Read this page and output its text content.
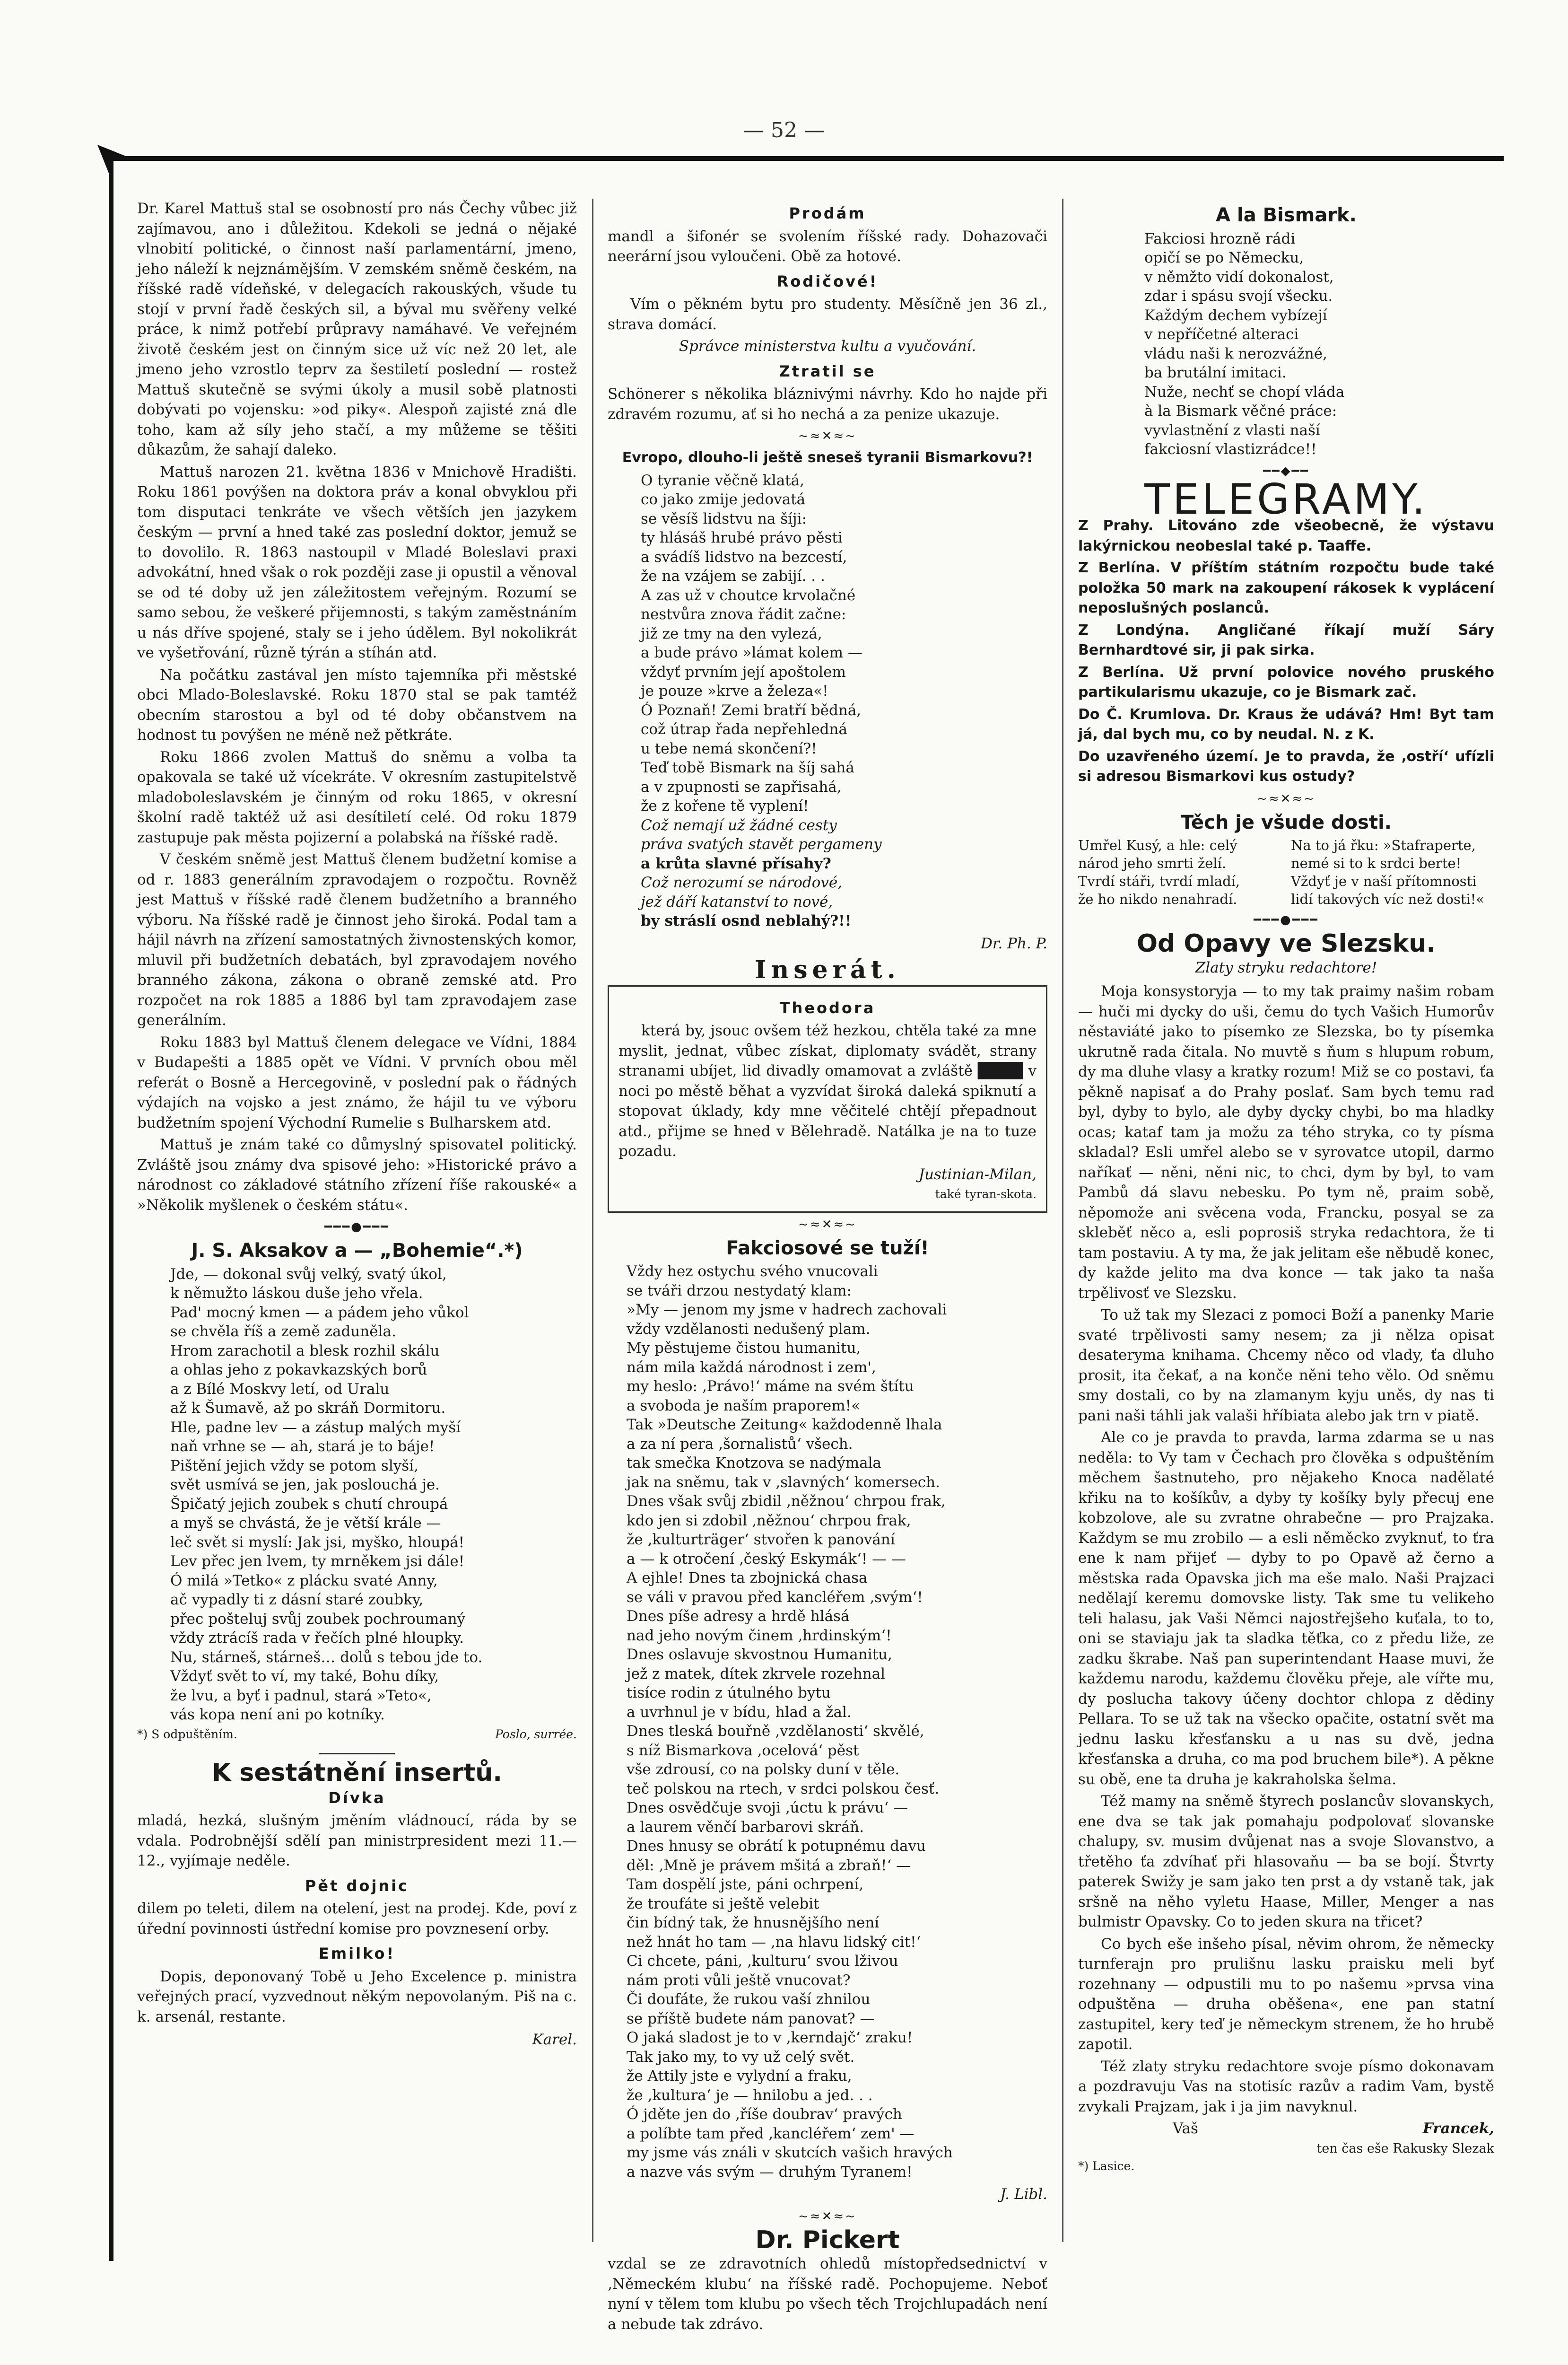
— 52 —

Dr. Karel Mattuš stal se osobností pro nás Čechy vůbec již zajímavou, ano i důležitou. Kdekoli se jedná o nějaké vlnobití politické, o činnost naší parlamentární, jmeno, jeho náleží k nejznámějším. V zemském sněmě českém, na říšské radě vídeňské, v delegacích rakouských, všude tu stojí v první řadě českých sil, a býval mu svěřeny velké práce, k nimž potřebí průpravy namáhavé. Ve veřejném životě českém jest on činným sice už víc než 20 let, ale jmeno jeho vzrostlo teprv za šestiletí poslední — rostež Mattuš skutečně se svými úkoly a musil sobě platnosti dobývati po vojensku: »od piky«. Alespoň zajisté zná dle toho, kam až síly jeho stačí, a my můžeme se těšiti důkazům, že sahají daleko.

Mattuš narozen 21. května 1836 v Mnichově Hradišti. Roku 1861 povýšen na doktora práv a konal obvyklou při tom disputaci tenkráte ve všech větších jen jazykem českým — první a hned také zas poslední doktor, jemuž se to dovolilo. R. 1863 nastoupil v Mladé Boleslavi praxi advokátní, hned však o rok později zase ji opustil a věnoval se od té doby už jen záležitostem veřejným. Rozumí se samo sebou, že veškeré přijemnosti, s takým zaměstnáním u nás dříve spojené, staly se i jeho údělem. Byl nokolikrát ve vyšetřování, různě týrán a stíhán atd.

Na počátku zastával jen místo tajemníka při městské obci Mlado-Boleslavské. Roku 1870 stal se pak tamtéž obecním starostou a byl od té doby občanstvem na hodnost tu povýšen ne méně než pětkráte.

Roku 1866 zvolen Mattuš do sněmu a volba ta opakovala se také už vícekráte. V okresním zastupitelstvě mladoboleslavském je činným od roku 1865, v okresní školní radě taktéž už asi desítiletí celé. Od roku 1879 zastupuje pak města pojizerní a polabská na říšské radě.

V českém sněmě jest Mattuš členem budžetní komise a od r. 1883 generálním zpravodajem o rozpočtu. Rovněž jest Mattuš v říšské radě členem budžetního a branného výboru. Na říšské radě je činnost jeho široká. Podal tam a hájil návrh na zřízení samostatných živnostenských komor, mluvil při budžetních debatách, byl zpravodajem nového branného zákona, zákona o obraně zemské atd. Pro rozpočet na rok 1885 a 1886 byl tam zpravodajem zase generálním.

Roku 1883 byl Mattuš členem delegace ve Vídni, 1884 v Budapešti a 1885 opět ve Vídni. V prvních obou měl referát o Bosně a Hercegovině, v poslední pak o řádných výdajích na vojsko a jest známo, že hájil tu ve výboru budžetním spojení Východní Rumelie s Bulharskem atd.

Mattuš je znám také co důmyslný spisovatel politický. Zvláště jsou známy dva spisové jeho: »Historické právo a národnost co základové státního zřízení říše rakouské« a »Několik myšlenek o českém státu«.

━━━●━━━
J. S. Aksakov a — „Bohemie“.*)
Jde, — dokonal svůj velký, svatý úkol,
k němužto láskou duše jeho vřela.
Pad' mocný kmen — a pádem jeho vůkol
se chvěla říš a země zaduněla.
Hrom zarachotil a blesk rozhil skálu
a ohlas jeho z pokavkazských borů
a z Bílé Moskvy letí, od Uralu
až k Šumavě, až po skráň Dormitoru.
Hle, padne lev — a zástup malých myší
naň vrhne se — ah, stará je to báje!
Pištění jejich vždy se potom slyší,
svět usmívá se jen, jak poslouchá je.
Špičatý jejich zoubek s chutí chroupá
a myš se chvástá, že je větší krále —
leč svět si myslí: Jak jsi, myško, hloupá!
Lev přec jen lvem, ty mrněkem jsi dále!
Ó milá »Tetko« z plácku svaté Anny,
ač vypadly ti z dásní staré zoubky,
přec pošteluj svůj zoubek pochroumaný
vždy ztrácíš rada v řečích plné hloupky.
Nu, stárneš, stárneš… dolů s tebou jde to.
Vždyť svět to ví, my také, Bohu díky,
že lvu, a byť i padnul, stará »Teto«,
vás kopa není ani po kotníky.
*) S odpuštěním.	Poslo, surrée.
K sestátnění insertů.
Dívka

mladá, hezká, slušným jměním vládnoucí, ráda by se vdala. Podrobnější sdělí pan ministrpresident mezi 11.—12., vyjímaje neděle.

Pět dojnic

dilem po teleti, dilem na otelení, jest na prodej. Kde, poví z úřední povinnosti ústřední komise pro povznesení orby.

Emilko!

Dopis, deponovaný Tobě u Jeho Excelence p. ministra veřejných prací, vyzvednout někým nepovolaným. Piš na c. k. arsenál, restante.

Karel.
Prodám

mandl a šifonér se svolením říšské rady. Dohazovači neerární jsou vyloučeni. Obě za hotové.

Rodičové!

Vím o pěkném bytu pro studenty. Měsíčně jen 36 zl., strava domácí.

Správce ministerstva kultu a vyučování.
Ztratil se

Schönerer s několika bláznivými návrhy. Kdo ho najde při zdravém rozumu, ať si ho nechá a za penize ukazuje.

~≈✕≈~
Evropo, dlouho-li ještě sneseš tyranii Bismarkovu?!
O tyranie věčně klatá,
co jako zmije jedovatá
se věsíš lidstvu na šíji:
ty hlásáš hrubé právo pěsti
a svádíš lidstvo na bezcestí,
že na vzájem se zabijí. . .
A zas už v choutce krvolačné
nestvůra znova řádit začne:
již ze tmy na den vylezá,
a bude právo »lámat kolem —
vždyť prvním její apoštolem
je pouze »krve a železa«!
Ó Poznaň! Zemi bratří bědná,
což útrap řada nepřehledná
u tebe nemá skončení?!
Teď tobě Bismark na šíj sahá
a v zpupnosti se zapřisahá,
že z kořene tě vyplení!
Což nemají už žádné cesty
práva svatých stavět pergameny
a krůta slavné přísahy?
Což nerozumí se národové,
jež dáří katanství to nové,
by stráslí osnd neblahý?!!
Dr. Ph. P.
Inserát.
Theodora

která by, jsouc ovšem též hezkou, chtěla také za mne myslit, jednat, vůbec získat, diplomaty svádět, strany stranami ubíjet, lid divadly omamovat a zvláště ████ v noci po městě běhat a vyzvídat široká daleká spiknutí a stopovat úklady, kdy mne věčitelé chtějí přepadnout atd., přijme se hned v Bělehradě. Natálka je na to tuze pozadu.

Justinian-Milan,
také tyran-skota.
~≈✕≈~
Fakciosové se tuží!
Vždy hez ostychu svého vnucovali
se tváři drzou nestydatý klam:
»My — jenom my jsme v hadrech zachovali
vždy vzdělanosti nedušený plam.
My pěstujeme čistou humanitu,
nám mila každá národnost i zem',
my heslo: ‚Právo!‘ máme na svém štítu
a svoboda je naším praporem!«
Tak »Deutsche Zeitung« každodenně lhala
a za ní pera ‚šornalistů‘ všech.
tak smečka Knotzova se nadýmala
jak na sněmu, tak v ‚slavných‘ komersech.
Dnes však svůj zbidil ‚něžnou‘ chrpou frak,
kdo jen si zdobil ‚něžnou‘ chrpou frak,
že ‚kulturträger‘ stvořen k panování
a — k otročení ‚český Eskymák‘! — —
A ejhle! Dnes ta zbojnická chasa
se váli v pravou před kancléřem ‚svým‘!
Dnes píše adresy a hrdě hlásá
nad jeho novým činem ‚hrdinským‘!
Dnes oslavuje skvostnou Humanitu,
jež z matek, dítek zkrvele rozehnal
tisíce rodin z útulného bytu
a uvrhnul je v bídu, hlad a žal.
Dnes tleská bouřně ‚vzdělanosti‘ skvělé,
s níž Bismarkova ‚ocelová‘ pěst
vše zdrousí, co na polsky duní v těle.
teč polskou na rtech, v srdci polskou česť.
Dnes osvědčuje svoji ‚úctu k právu‘ —
a laurem věnčí barbarovi skráň.
Dnes hnusy se obrátí k potupnému davu
děl: ‚Mně je právem mšitá a zbraň!‘ —
Tam dospělí jste, páni ochrpení,
že troufáte si ještě velebit
čin bídný tak, že hnusnějšího není
než hnát ho tam — ‚na hlavu lidský cit!‘
Ci chcete, páni, ‚kulturu‘ svou lživou
nám proti vůli ještě vnucovat?
Či doufáte, že rukou vaší zhnilou
se příště budete nám panovat? —
O jaká sladost je to v ‚kerndajč‘ zraku!
Tak jako my, to vy už celý svět.
že Attily jste e vylydní a fraku,
že ‚kultura‘ je — hnilobu a jed. . .
Ó jděte jen do ‚říše doubrav‘ pravých
a políbte tam před ‚kancléřem‘ zem' —
my jsme vás ználi v skutcích vašich hravých
a nazve vás svým — druhým Tyranem!
J. Libl.
~≈✕≈~
Dr. Pickert

vzdal se ze zdravotních ohledů místopředsednictví v ‚Německém klubu‘ na říšské radě. Pochopujeme. Neboť nyní v tělem tom klubu po všech těch Trojchlupadách není a nebude tak zdrávo.

A la Bismark.
Fakciosi hrozně rádi
opičí se po Německu,
v němžto vidí dokonalost,
zdar i spásu svojí všecku.
Každým dechem vybízejí
v nepříčetné alteraci
vládu naši k nerozvážné,
ba brutální imitaci.
Nuže, nechť se chopí vláda
à la Bismark věčné práce:
vyvlastnění z vlasti naší
fakciosní vlastizrádce!!
━━◆━━
TELEGRAMY.

Z Prahy. Litováno zde všeobecně, že výstavu lakýrnickou neobeslal také p. Taaffe.

Z Berlína. V příštím státním rozpočtu bude také položka 50 mark na zakoupení rákosek k vyplácení neposlušných poslanců.

Z Londýna. Angličané říkají muží Sáry Bernhardtové sir, ji pak sirka.

Z Berlína. Už první polovice nového pruského partikularismu ukazuje, co je Bismark zač.

Do Č. Krumlova. Dr. Kraus že udává? Hm! Byt tam já, dal bych mu, co by neudal. N. z K.

Do uzavřeného území. Je to pravda, že ‚ostří‘ ufízli si adresou Bismarkovi kus ostudy?

~≈✕≈~
Těch je všude dosti.
Umřel Kusý, a hle: celý
národ jeho smrti želí.
Tvrdí stáři, tvrdí mladí,
že ho nikdo nenahradí.
Na to já řku: »Stafraperte,
nemé si to k srdci berte!
Vždyť je v naší přítomnosti
lidí takových víc než dosti!«
━━━●━━━
Od Opavy ve Slezsku.
Zlaty stryku redachtore!

Moja konsystoryja — to my tak praimy našim robam — huči mi dycky do uši, čemu do tych Vašich Humorův něstaviáté jako to písemko ze Slezska, bo ty písemka ukrutně rada čitala. No muvtě s ňum s hlupum robum, dy ma dluhe vlasy a kratky rozum! Miž se co postavi, ťa pěkně napisať a do Prahy poslať. Sam bych temu rad byl, dyby to bylo, ale dyby dycky chybi, bo ma hladky ocas; kataf tam ja možu za tého stryka, co ty písma skladal? Esli umřel alebo se v syrovatce utopil, darmo naříkať — něni, něni nic, to chci, dym by byl, to vam Pambů dá slavu nebesku. Po tym ně, praim sobě, něpomože ani svěcena voda, Francku, posyal se za skleběť něco a, esli poprosiš stryka redachtora, že ti tam postaviu. A ty ma, že jak jelitam eše něbudě konec, dy každe jelito ma dva konce — tak jako ta naša trpělivosť ve Slezsku.

To už tak my Slezaci z pomoci Boží a panenky Marie svaté trpělivosti samy nesem; za ji nělza opisat desateryma knihama. Chcemy něco od vlady, ťa dluho prosit, ita čekať, a na konče něni teho vělo. Od sněmu smy dostali, co by na zlamanym kyju uněs, dy nas ti pani naši táhli jak valaši hříbiata alebo jak trn v piatě.

Ale co je pravda to pravda, larma zdarma se u nas neděla: to Vy tam v Čechach pro člověka s odpuštěním měchem šastnuteho, pro nějakeho Knoca nadělaté křiku na to košíkův, a dyby ty košíky byly přecuj ene kobzolove, ale su zvratne ohrabečne — pro Prajzaka. Každym se mu zrobilo — a esli něměcko zvyknuť, to ťra ene k nam přijeť — dyby to po Opavě až černo a městska rada Opavska jich ma eše malo. Naši Prajzaci nedělají keremu domovske listy. Tak sme tu velikeho teli halasu, jak Vaši Němci najostřejšeho kuťala, to to, oni se staviaju jak ta sladka těťka, co z předu liže, ze zadku škrabe. Naš pan superintendant Haase muvi, že každemu narodu, každemu člověku přeje, ale vířte mu, dy poslucha takovy účeny dochtor chlopa z dědiny Pellara. To se už tak na všecko opačite, ostatní svět ma jednu lasku křesťansku a u nas su dvě, jedna křesťanska a druha, co ma pod bruchem bile*). A pěkne su obě, ene ta druha je kakraholska šelma.

Též mamy na sněmě štyrech poslancův slovanskych, ene dva se tak jak pomahaju podpolovať slovanske chalupy, sv. musim dvůjenat nas a svoje Slovanstvo, a třetěho ťa zdvíhať při hlasovaňu — ba se bojí. Štvrty paterek Swižy je sam jako ten prst a dy vstaně tak, jak sršně na něho vyletu Haase, Miller, Menger a nas bulmistr Opavsky. Co to jeden skura na třicet?

Co bych eše inšeho písal, něvim ohrom, že německy turnferajn pro prulišnu lasku praisku meli byť rozehnany — odpustili mu to po našemu »prvsa vina odpuštěna — druha oběšena«, ene pan statní zastupitel, kery teď je německym strenem, že ho hrubě zapotil.

Též zlaty stryku redachtore svoje písmo dokonavam a pozdravuju Vas na stotisíc razův a radim Vam, bystě zvykali Prajzam, jak i ja jim navyknul.

Vaš	Francek,
ten čas eše Rakusky Slezak
*) Lasice.
